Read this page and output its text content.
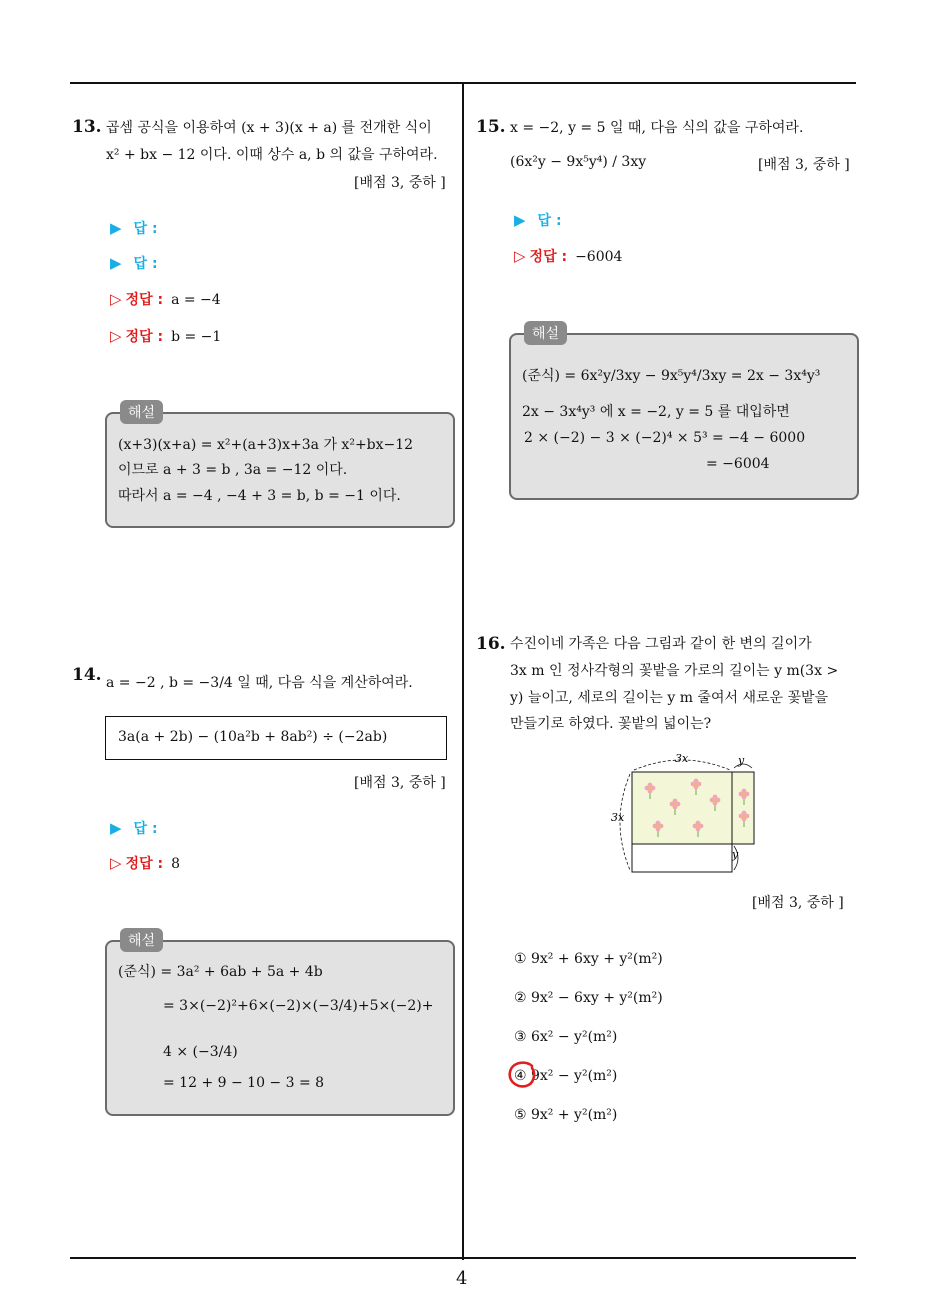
4
13. 곱셈 공식을 이용하여 (x + 3)(x + a) 를 전개한 식이
x² + bx − 12 이다. 이때 상수 a, b 의 값을 구하여라.
[배점 3, 중하 ]
▶ 답 :
▶ 답 :
▷ 정답 : a = −4
▷ 정답 : b = −1
해설
(x+3)(x+a) = x²+(a+3)x+3a 가 x²+bx−12
이므로 a + 3 = b , 3a = −12 이다.
따라서 a = −4 , −4 + 3 = b, b = −1 이다.
14. a = −2 , b = −3/4 일 때, 다음 식을 계산하여라.
3a(a + 2b) − (10a²b + 8ab²) ÷ (−2ab)
[배점 3, 중하 ]
▶ 답 :
▷ 정답 : 8
해설
(준식) = 3a² + 6ab + 5a + 4b
= 3×(−2)²+6×(−2)×(−3/4)+5×(−2)+
4 × (−3/4)
= 12 + 9 − 10 − 3 = 8
15. x = −2, y = 5 일 때, 다음 식의 값을 구하여라.
(6x²y − 9x⁵y⁴) / 3xy	[배점 3, 중하 ]
▶ 답 :
▷ 정답 : −6004
해설
(준식) = 6x²y/3xy − 9x⁵y⁴/3xy = 2x − 3x⁴y³
2x − 3x⁴y³ 에 x = −2, y = 5 를 대입하면
2 × (−2) − 3 × (−2)⁴ × 5³ = −4 − 6000
= −6004
16. 수진이네 가족은 다음 그림과 같이 한 변의 길이가
3x m 인 정사각형의 꽃밭을 가로의 길이는 y m(3x >
y) 늘이고, 세로의 길이는 y m 줄여서 새로운 꽃밭을
만들기로 하였다. 꽃밭의 넓이는?
3x	y
3x
y
[배점 3, 중하 ]
① 9x² + 6xy + y²(m²)
② 9x² − 6xy + y²(m²)
③ 6x² − y²(m²)
④ 9x² − y²(m²)
⑤ 9x² + y²(m²)
